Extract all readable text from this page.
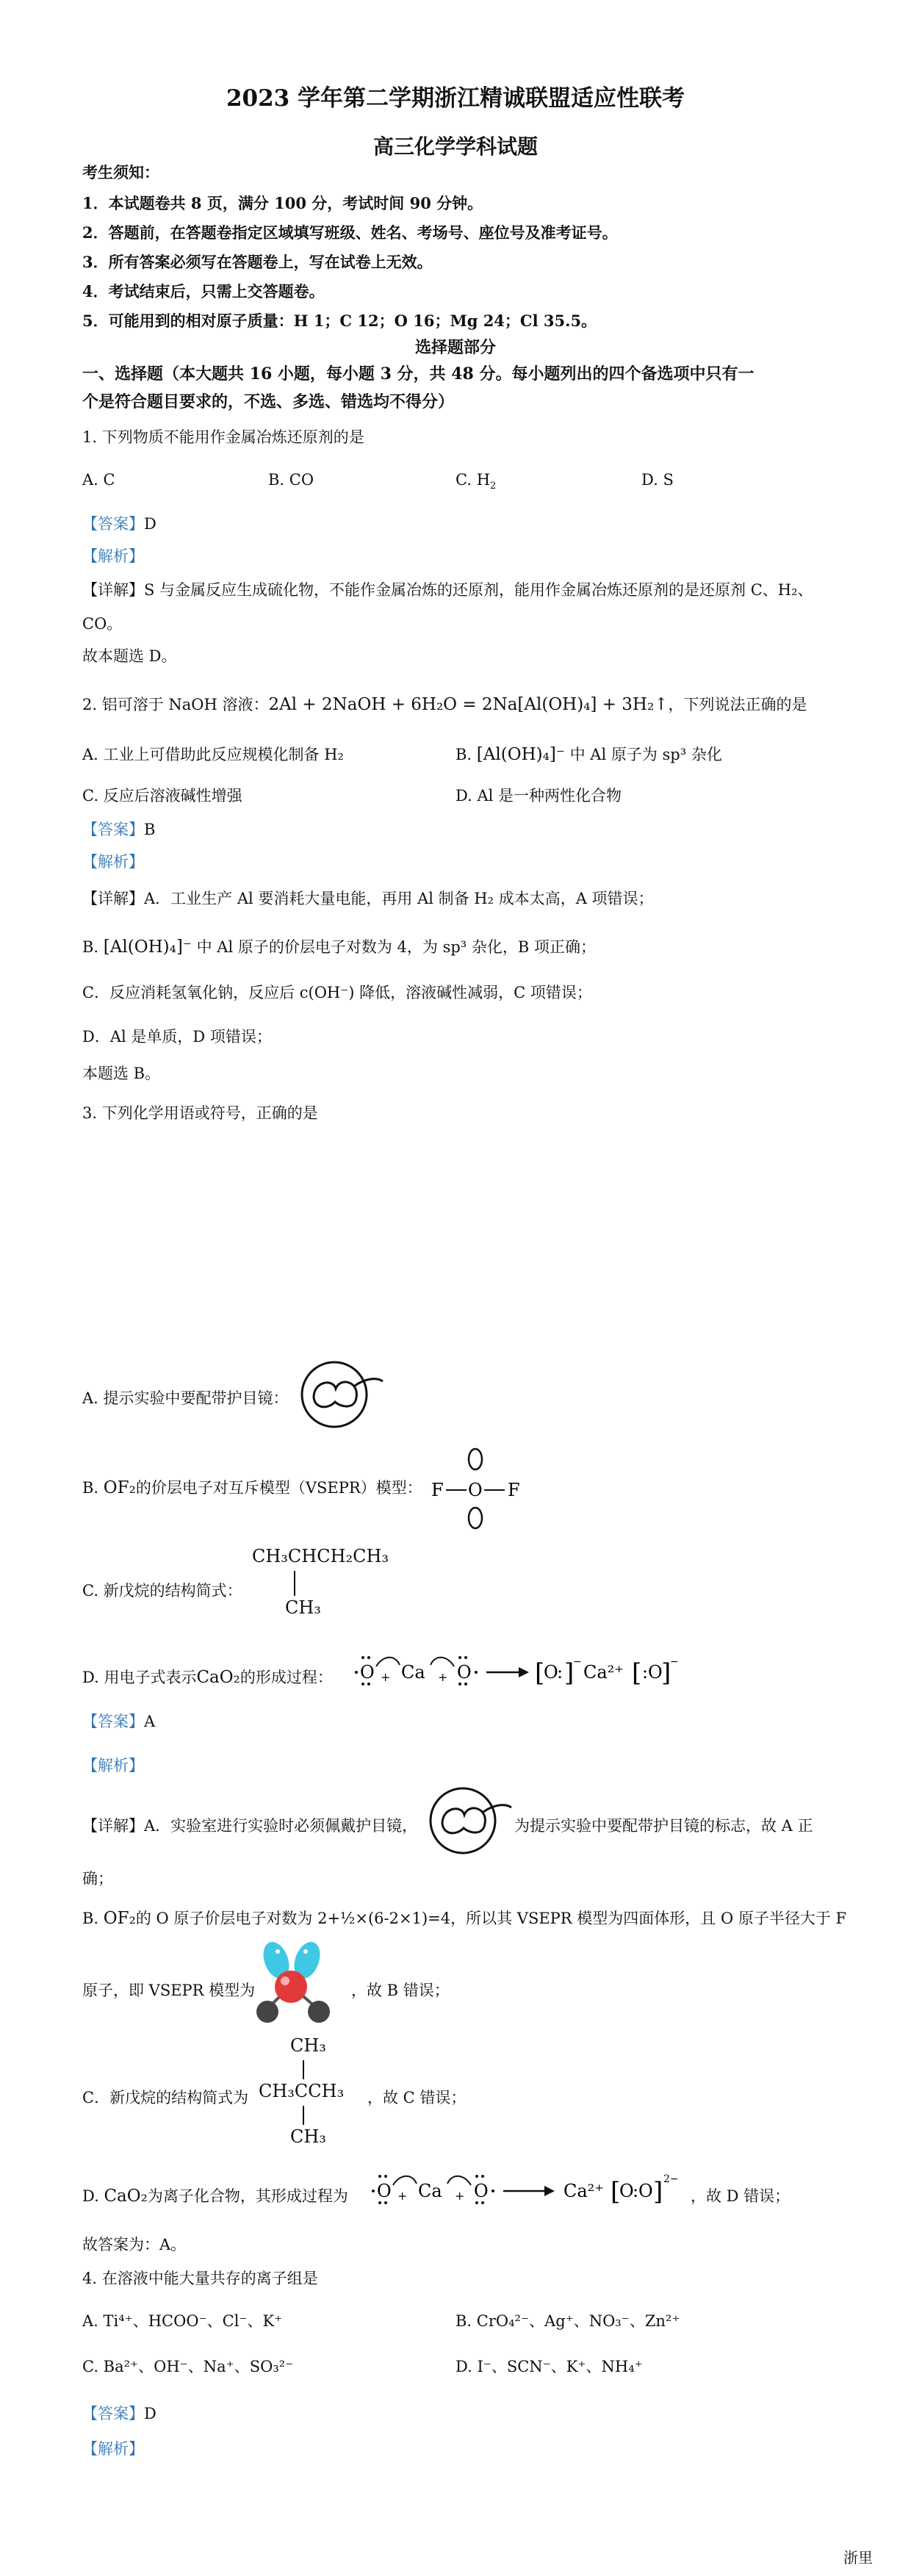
2023 学年第二学期浙江精诚联盟适应性联考
高三化学学科试题
考生须知：
1．本试题卷共 8 页，满分 100 分，考试时间 90 分钟。
2．答题前，在答题卷指定区域填写班级、姓名、考场号、座位号及准考证号。
3．所有答案必须写在答题卷上，写在试卷上无效。
4．考试结束后，只需上交答题卷。
5．可能用到的相对原子质量：H 1；C 12；O 16；Mg 24；Cl 35.5。
选择题部分
一、选择题（本大题共 16 小题，每小题 3 分，共 48 分。每小题列出的四个备选项中只有一
个是符合题目要求的，不选、多选、错选均不得分）
1. 下列物质不能用作金属冶炼还原剂的是
A. C	B. CO	C. $H_2$	D. S
【答案】D
【解析】
【详解】S 与金属反应生成硫化物，不能作金属冶炼的还原剂，能用作金属冶炼还原剂的是还原剂 C、H₂、
CO。
故本题选 D。
2. 铝可溶于 NaOH 溶液：2Al + 2NaOH + 6H₂O = 2Na[Al(OH)₄] + 3H₂↑，下列说法正确的是
A. 工业上可借助此反应规模化制备 H₂	B. [Al(OH)₄]⁻ 中 Al 原子为 sp³ 杂化
C. 反应后溶液碱性增强	D. Al 是一种两性化合物
【答案】B
【解析】
【详解】A．工业生产 Al 要消耗大量电能，再用 Al 制备 H₂ 成本太高，A 项错误；
B. [Al(OH)₄]⁻ 中 Al 原子的价层电子对数为 4，为 sp³ 杂化，B 项正确；
C．反应消耗氢氧化钠，反应后 c(OH⁻) 降低，溶液碱性减弱，C 项错误；
D．Al 是单质，D 项错误；
本题选 B。
3. 下列化学用语或符号，正确的是
A. 提示实验中要配带护目镜：
B. OF₂的价层电子对互斥模型（VSEPR）模型： F O F
C. 新戊烷的结构简式：
CH₃CHCH₂CH₃
CH₃
D. 用电子式表示CaO₂的形成过程： O + Ca + O	[
O
: ]
− Ca²⁺ [ : O
]
−
【答案】A
【解析】
【详解】A．实验室进行实验时必须佩戴护目镜，	为提示实验中要配带护目镜的标志，故 A 正
确；
B. OF₂的 O 原子价层电子对数为 2+½×(6-2×1)=4，所以其 VSEPR 模型为四面体形，且 O 原子半径大于 F
原子，即 VSEPR 模型为	，故 B 错误；
C．新戊烷的结构简式为
CH₃
CH₃CCH₃
CH₃
，故 C 错误；
D. CaO₂为离子化合物，其形成过程为 O + Ca + O	Ca²⁺ [
O
: O ] 2−
，故 D 错误；
故答案为：A。
4. 在溶液中能大量共存的离子组是
A. Ti⁴⁺、HCOO⁻、Cl⁻、K⁺	B. CrO₄²⁻、Ag⁺、NO₃⁻、Zn²⁺
C. Ba²⁺、OH⁻、Na⁺、SO₃²⁻	D. I⁻、SCN⁻、K⁺、NH₄⁺
【答案】D
【解析】
浙里
